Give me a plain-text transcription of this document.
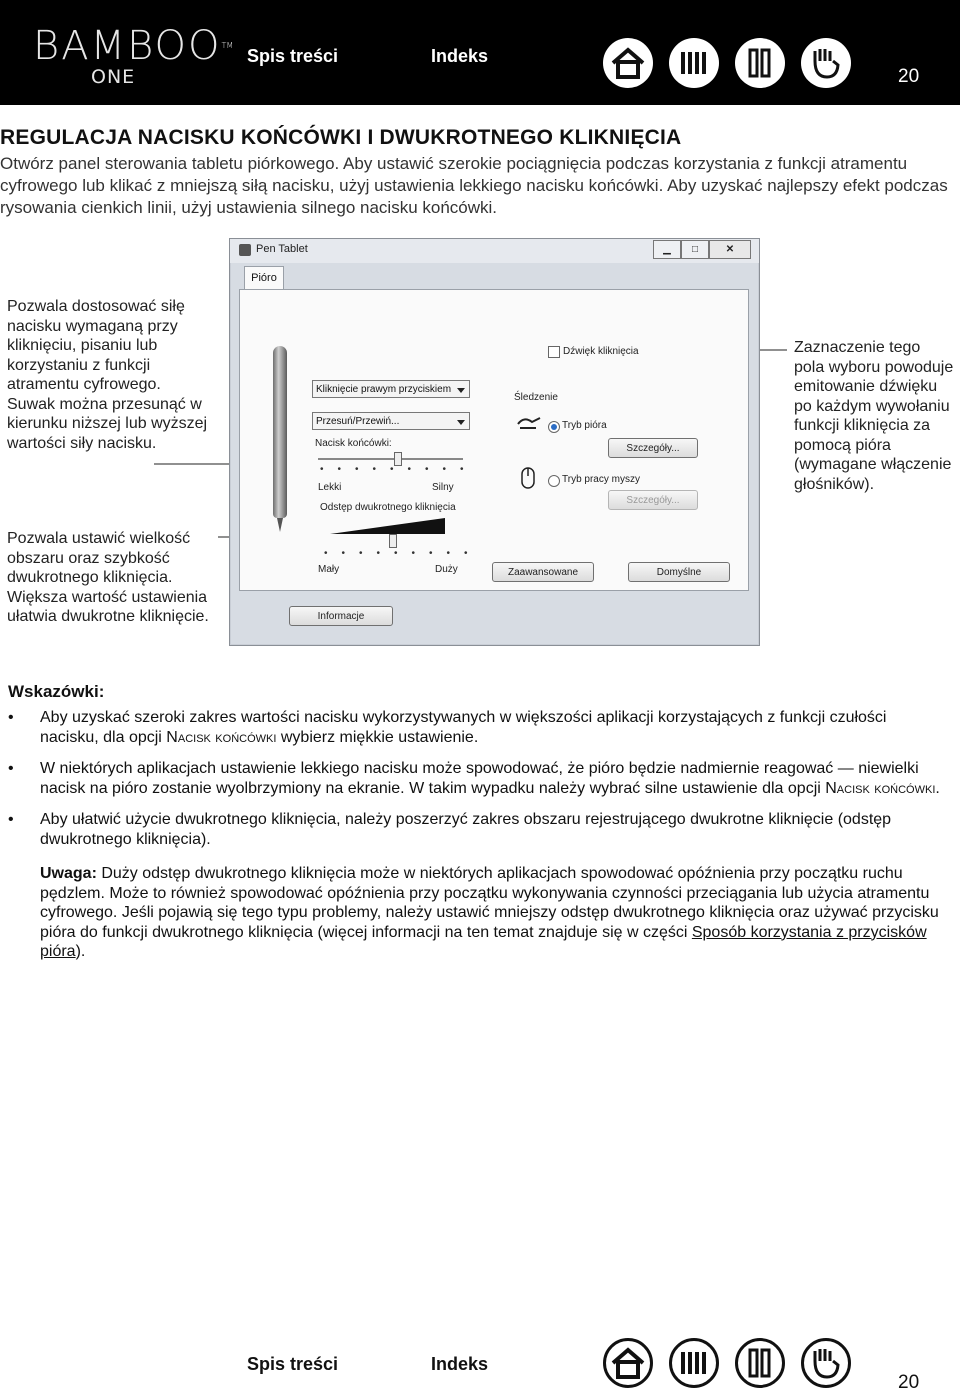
BAMBOO™
ONE
Spis treści	Indeks
20
REGULACJA NACISKU KOŃCÓWKI I DWUKROTNEGO KLIKNIĘCIA

Otwórz panel sterowania tabletu piórkowego. Aby ustawić szerokie pociągnięcia podczas korzystania z funkcji atramentu cyfrowego lub klikać z mniejszą siłą nacisku, użyj ustawienia lekkiego nacisku końcówki. Aby uzyskać najlepszy efekt podczas rysowania cienkich linii, użyj ustawienia silnego nacisku końcówki.

Pozwala dostosować siłę nacisku wymaganą przy kliknięciu, pisaniu lub korzystaniu z funkcji atramentu cyfrowego. Suwak można przesunąć w kierunku niższej lub wyższej wartości siły nacisku.

Pozwala ustawić wielkość obszaru oraz szybkość dwukrotnego kliknięcia. Większa wartość ustawienia ułatwia dwukrotne kliknięcie.

Zaznaczenie tego pola wyboru powoduje emitowanie dźwięku po każdym wywołaniu funkcji kliknięcia za pomocą pióra (wymagane włączenie głośników).

Pen Tablet	▁	□	✕
Pióro
Kliknięcie prawym przyciskiem
Przesuń/Przewiń...
Nacisk końcówki:
•••••••••
Lekki	Silny
Odstęp dwukrotnego kliknięcia
•••••••••
Mały	Duży
Dźwięk kliknięcia
Śledzenie
Tryb pióra
Szczegóły...
Tryb pracy myszy
Szczegóły...
Zaawansowane	Domyślne
Informacje
Wskazówki:
• Aby uzyskać szeroki zakres wartości nacisku wykorzystywanych w większości aplikacji korzystających z funkcji czułości nacisku, dla opcji Nacisk końcówki wybierz miękkie ustawienie.
• W niektórych aplikacjach ustawienie lekkiego nacisku może spowodować, że pióro będzie nadmiernie reagować — niewielki nacisk na pióro zostanie wyolbrzymiony na ekranie. W takim wypadku należy wybrać silne ustawienie dla opcji Nacisk końcówki.
• Aby ułatwić użycie dwukrotnego kliknięcia, należy poszerzyć zakres obszaru rejestrującego dwukrotne kliknięcie (odstęp dwukrotnego kliknięcia).

Uwaga: Duży odstęp dwukrotnego kliknięcia może w niektórych aplikacjach spowodować opóźnienia przy początku ruchu pędzlem. Może to również spowodować opóźnienia przy początku wykonywania czynności przeciągania lub użycia atramentu cyfrowego. Jeśli pojawią się tego typu problemy, należy ustawić mniejszy odstęp dwukrotnego kliknięcia oraz używać przycisku pióra do funkcji dwukrotnego kliknięcia (więcej informacji na ten temat znajduje się w części Sposób korzystania z przycisków pióra).

Spis treści	Indeks
20
